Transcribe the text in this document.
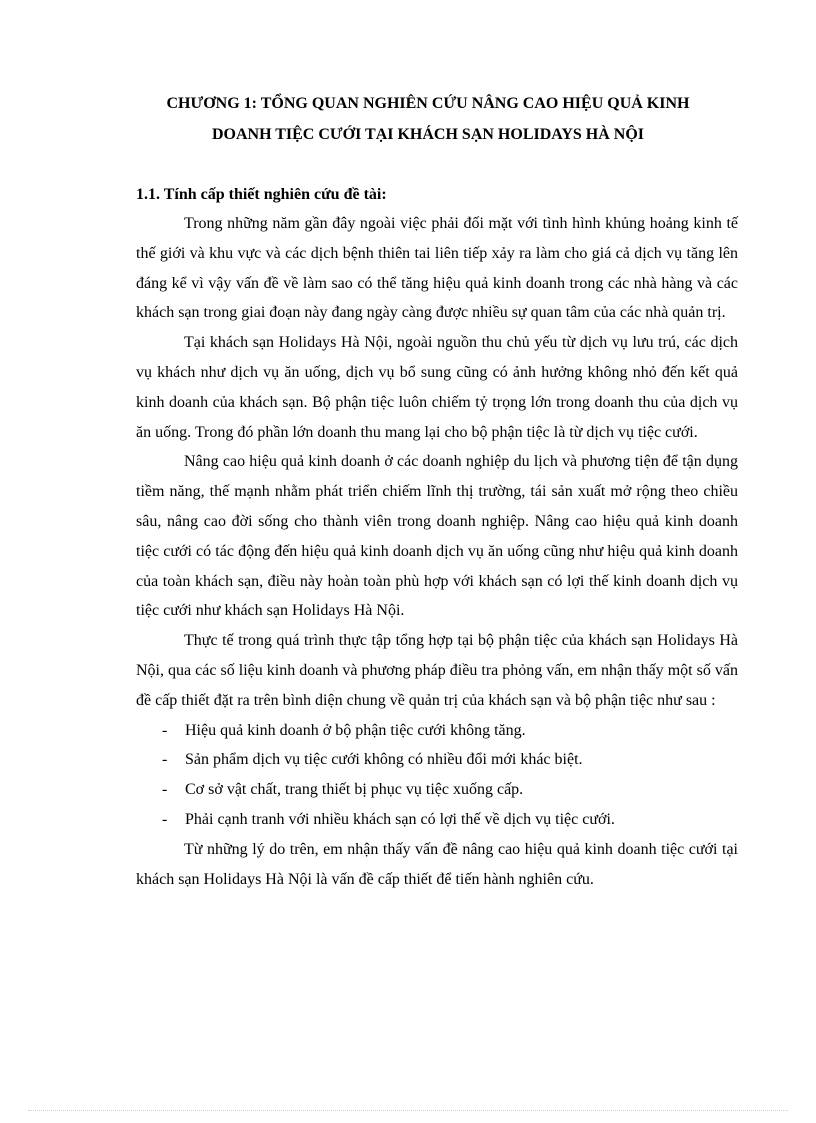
CHƯƠNG 1: TỔNG QUAN NGHIÊN CỨU NÂNG CAO HIỆU QUẢ KINH
DOANH TIỆC CƯỚI TẠI KHÁCH SẠN HOLIDAYS HÀ NỘI
1.1. Tính cấp thiết nghiên cứu đề tài:

Trong những năm gần đây ngoài việc phải đối mặt với tình hình khủng hoảng kinh tế thế giới và khu vực và các dịch bệnh thiên tai liên tiếp xảy ra làm cho giá cả dịch vụ tăng lên đáng kể vì vậy vấn đề về làm sao có thể tăng hiệu quả kinh doanh trong các nhà hàng và các khách sạn trong giai đoạn này đang ngày càng được nhiều sự quan tâm của các nhà quản trị.

Tại khách sạn Holidays Hà Nội, ngoài nguồn thu chủ yếu từ dịch vụ lưu trú, các dịch vụ khách như dịch vụ ăn uống, dịch vụ bổ sung cũng có ảnh hưởng không nhỏ đến kết quả kinh doanh của khách sạn. Bộ phận tiệc luôn chiếm tỷ trọng lớn trong doanh thu của dịch vụ ăn uống. Trong đó phần lớn doanh thu mang lại cho bộ phận tiệc là từ dịch vụ tiệc cưới.

Nâng cao hiệu quả kinh doanh ở các doanh nghiệp du lịch và phương tiện để tận dụng tiềm năng, thế mạnh nhằm phát triển chiếm lĩnh thị trường, tái sản xuất mở rộng theo chiều sâu, nâng cao đời sống cho thành viên trong doanh nghiệp. Nâng cao hiệu quả kinh doanh tiệc cưới có tác động đến hiệu quả kinh doanh dịch vụ ăn uống cũng như hiệu quả kinh doanh của toàn khách sạn, điều này hoàn toàn phù hợp với khách sạn có lợi thế kinh doanh dịch vụ tiệc cưới như khách sạn Holidays Hà Nội.

Thực tế trong quá trình thực tập tổng hợp tại bộ phận tiệc của khách sạn Holidays Hà Nội, qua các số liệu kinh doanh và phương pháp điều tra phỏng vấn, em nhận thấy một số vấn đề cấp thiết đặt ra trên bình diện chung về quản trị của khách sạn và bộ phận tiệc như sau :

- Hiệu quả kinh doanh ở bộ phận tiệc cưới không tăng.
- Sản phẩm dịch vụ tiệc cưới không có nhiều đổi mới khác biệt.
- Cơ sở vật chất, trang thiết bị phục vụ tiệc xuống cấp.
- Phải cạnh tranh với nhiều khách sạn có lợi thế về dịch vụ tiệc cưới.

Từ những lý do trên, em nhận thấy vấn đề nâng cao hiệu quả kinh doanh tiệc cưới tại khách sạn Holidays Hà Nội là vấn đề cấp thiết để tiến hành nghiên cứu.
